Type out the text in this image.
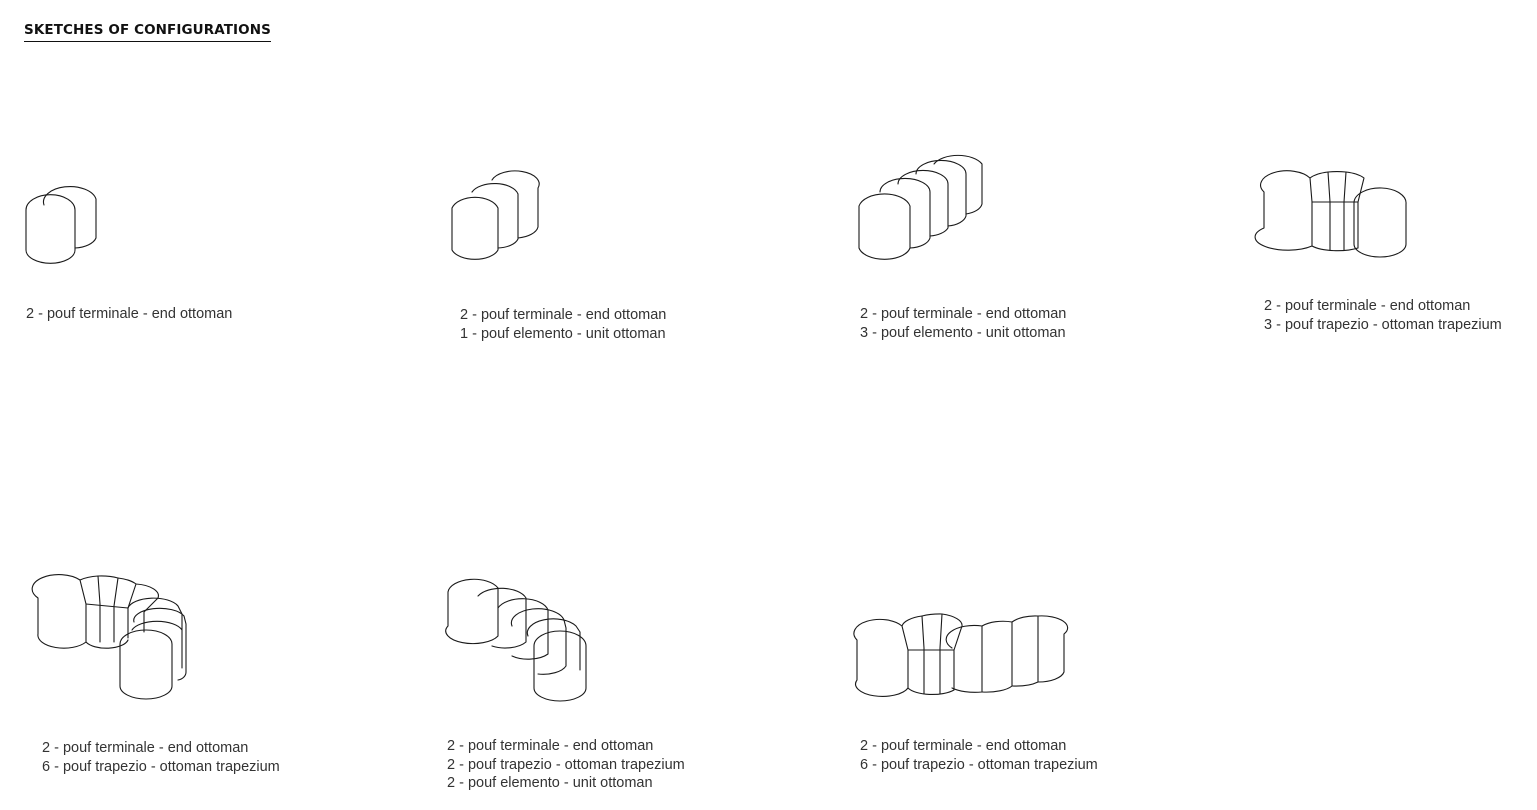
SKETCHES OF CONFIGURATIONS
2 - pouf terminale - end ottoman	2 - pouf terminale - end ottoman
1 - pouf elemento - unit ottoman
2 - pouf terminale - end ottoman
3 - pouf elemento - unit ottoman
2 - pouf terminale - end ottoman
3 - pouf trapezio - ottoman trapezium
2 - pouf terminale - end ottoman
6 - pouf trapezio - ottoman trapezium
2 - pouf terminale - end ottoman
2 - pouf trapezio - ottoman trapezium
2 - pouf elemento - unit ottoman
2 - pouf terminale - end ottoman
6 - pouf trapezio - ottoman trapezium
